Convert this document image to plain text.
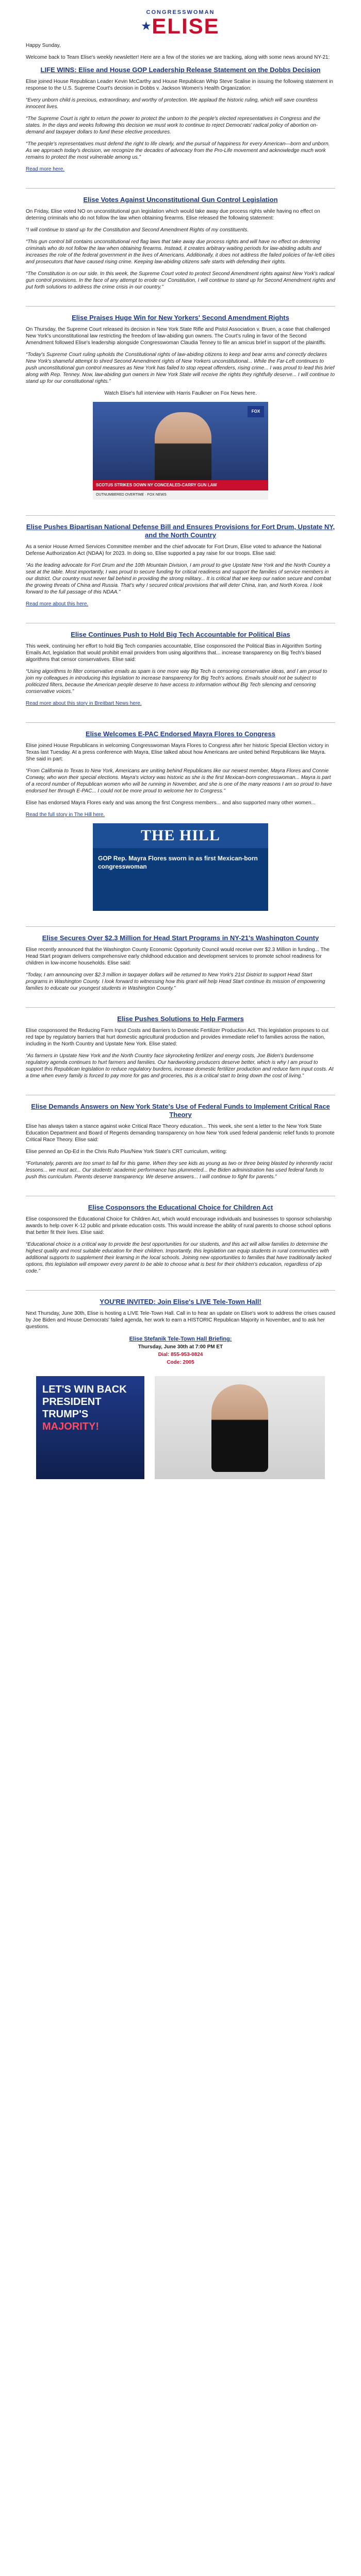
CONGRESSWOMAN
★ELISE

Happy Sunday,

Welcome back to Team Elise's weekly newsletter! Here are a few of the stories we are tracking, along with some news around NY-21:

LIFE WINS: Elise and House GOP Leadership Release Statement on the Dobbs Decision

Elise joined House Republican Leader Kevin McCarthy and House Republican Whip Steve Scalise in issuing the following statement in response to the U.S. Supreme Court's decision in Dobbs v. Jackson Women's Health Organization:

“Every unborn child is precious, extraordinary, and worthy of protection. We applaud the historic ruling, which will save countless innocent lives.

“The Supreme Court is right to return the power to protect the unborn to the people's elected representatives in Congress and the states. In the days and weeks following this decision we must work to continue to reject Democrats' radical policy of abortion on-demand and taxpayer dollars to fund these elective procedures.

“The people's representatives must defend the right to life clearly, and the pursuit of happiness for every American—born and unborn. As we approach today's decision, we recognize the decades of advocacy from the Pro-Life movement and acknowledge much work remains to protect the most vulnerable among us.”

Read more here.

Elise Votes Against Unconstitutional Gun Control Legislation

On Friday, Elise voted NO on unconstitutional gun legislation which would take away due process rights while having no effect on deterring criminals who do not follow the law when obtaining firearms. Elise released the following statement:

“I will continue to stand up for the Constitution and Second Amendment Rights of my constituents.

“This gun control bill contains unconstitutional red flag laws that take away due process rights and will have no effect on deterring criminals who do not follow the law when obtaining firearms. Instead, it creates arbitrary waiting periods for law-abiding adults and increases the role of the federal government in the lives of Americans. Additionally, it does not address the failed policies of far-left cities and prosecutors that have caused rising crime. Keeping law-abiding citizens safe starts with defending their rights.

“The Constitution is on our side. In this week, the Supreme Court voted to protect Second Amendment rights against New York's radical gun control provisions. In the face of any attempt to erode our Constitution, I will continue to stand up for Second Amendment rights and put forth solutions to address the crime crisis in our country.”

Elise Praises Huge Win for New Yorkers' Second Amendment Rights

On Thursday, the Supreme Court released its decision in New York State Rifle and Pistol Association v. Bruen, a case that challenged New York's unconstitutional law restricting the freedom of law-abiding gun owners. The Court's ruling in favor of the Second Amendment followed Elise's leadership alongside Congresswoman Claudia Tenney to file an amicus brief in support of the plaintiffs.

“Today's Supreme Court ruling upholds the Constitutional rights of law-abiding citizens to keep and bear arms and correctly declares New York's shameful attempt to shred Second Amendment rights of New Yorkers unconstitutional... While the Far-Left continues to push unconstitutional gun control measures as New York has failed to stop repeat offenders, rising crime... I was proud to lead this brief along with Rep. Tenney. Now, law-abiding gun owners in New York State will receive the rights they rightfully deserve... I will continue to stand up for our constitutional rights.”

Watch Elise's full interview with Harris Faulkner on Fox News here.

FOX
SCOTUS STRIKES DOWN NY CONCEALED-CARRY GUN LAW
OUTNUMBERED OVERTIME · FOX NEWS
Elise Pushes Bipartisan National Defense Bill and Ensures Provisions for Fort Drum, Upstate NY, and the North Country

As a senior House Armed Services Committee member and the chief advocate for Fort Drum, Elise voted to advance the National Defense Authorization Act (NDAA) for 2023. In doing so, Elise supported a pay raise for our troops. Elise said:

“As the leading advocate for Fort Drum and the 10th Mountain Division, I am proud to give Upstate New York and the North Country a seat at the table. Most importantly, I was proud to secure funding for critical readiness and support the families of service members in our district. Our country must never fail behind in providing the strong military... It is critical that we keep our nation secure and combat the growing threats of China and Russia. That's why I secured critical provisions that will deter China, Iran, and North Korea. I look forward to the full passage of this NDAA.”

Read more about this here.

Elise Continues Push to Hold Big Tech Accountable for Political Bias

This week, continuing her effort to hold Big Tech companies accountable, Elise cosponsored the Political Bias in Algorithm Sorting Emails Act, legislation that would prohibit email providers from using algorithms that... increase transparency on Big Tech's biased algorithms that censor conservatives. Elise said:

“Using algorithms to filter conservative emails as spam is one more way Big Tech is censoring conservative ideas, and I am proud to join my colleagues in introducing this legislation to increase transparency for Big Tech's actions. Emails should not be subject to politicized filters, because the American people deserve to have access to information without Big Tech silencing and censoring conservative voices.”

Read more about this story in Breitbart News here.

Elise Welcomes E-PAC Endorsed Mayra Flores to Congress

Elise joined House Republicans in welcoming Congresswoman Mayra Flores to Congress after her historic Special Election victory in Texas last Tuesday. At a press conference with Mayra, Elise talked about how Americans are united behind Republicans like Mayra. She said in part:

“From California to Texas to New York, Americans are uniting behind Republicans like our newest member, Mayra Flores and Connie Conway, who won their special elections. Mayra's victory was historic as she is the first Mexican-born congresswoman... Mayra is part of a record number of Republican women who will be running in November, and she is one of the many reasons I am so proud to have endorsed her through E-PAC... I could not be more proud to welcome her to Congress.”

Elise has endorsed Mayra Flores early and was among the first Congress members... and also supported many other women...

Read the full story in The Hill here.

THE HILL
GOP Rep. Mayra Flores sworn in as first Mexican-born congresswoman
Elise Secures Over $2.3 Million for Head Start Programs in NY-21's Washington County

Elise recently announced that the Washington County Economic Opportunity Council would receive over $2.3 Million in funding... The Head Start program delivers comprehensive early childhood education and development services to promote school readiness for children in low-income households. Elise said:

“Today, I am announcing over $2.3 million in taxpayer dollars will be returned to New York's 21st District to support Head Start programs in Washington County. I look forward to witnessing how this grant will help Head Start continue its mission of empowering families to educate our youngest students in Washington County.”

Elise Pushes Solutions to Help Farmers

Elise cosponsored the Reducing Farm Input Costs and Barriers to Domestic Fertilizer Production Act. This legislation proposes to cut red tape by regulatory barriers that hurt domestic agricultural production and provides immediate relief to families across the nation, including in the North Country and Upstate New York. Elise stated:

“As farmers in Upstate New York and the North Country face skyrocketing fertilizer and energy costs, Joe Biden's burdensome regulatory agenda continues to hurt farmers and families. Our hardworking producers deserve better, which is why I am proud to support this Republican legislation to reduce regulatory burdens, increase domestic fertilizer production and reduce farm input costs. At a time when every family is forced to pay more for gas and groceries, this is a critical start to bring down the cost of living.”

Elise Demands Answers on New York State's Use of Federal Funds to Implement Critical Race Theory

Elise has always taken a stance against woke Critical Race Theory education... This week, she sent a letter to the New York State Education Department and Board of Regents demanding transparency on how New York used federal pandemic relief funds to promote Critical Race Theory. Elise said:

Elise penned an Op-Ed in the Chris Rufo Plus/New York State's CRT curriculum, writing:

“Fortunately, parents are too smart to fall for this game. When they see kids as young as two or three being blasted by inherently racist lessons... we must act... Our students' academic performance has plummeted... the Biden administration has used federal funds to push this curriculum. Parents deserve transparency. We deserve answers... I will continue to fight for parents.”

Elise Cosponsors the Educational Choice for Children Act

Elise cosponsored the Educational Choice for Children Act, which would encourage individuals and businesses to sponsor scholarship awards to help cover K-12 public and private education costs. This would increase the ability of rural parents to choose school options that better fit their lives. Elise said:

“Educational choice is a critical way to provide the best opportunities for our students, and this act will allow families to determine the highest quality and most suitable education for their children. Importantly, this legislation can equip students in rural communities with additional supports to supplement their learning in the local schools. Joining new opportunities to families that have traditionally lacked options, this legislation will empower every parent to be able to choose what is best for their children's education, regardless of zip code.”

YOU'RE INVITED: Join Elise's LIVE Tele-Town Hall!

Next Thursday, June 30th, Elise is hosting a LIVE Tele-Town Hall. Call in to hear an update on Elise's work to address the crises caused by Joe Biden and House Democrats' failed agenda, her work to earn a HISTORIC Republican Majority in November, and to ask her questions.

Elise Stefanik Tele-Town Hall Briefing:
Thursday, June 30th at 7:00 PM ET
Dial: 855-953-0824
Code: 2005
LET'S WIN BACK
PRESIDENT TRUMP'S
MAJORITY!
